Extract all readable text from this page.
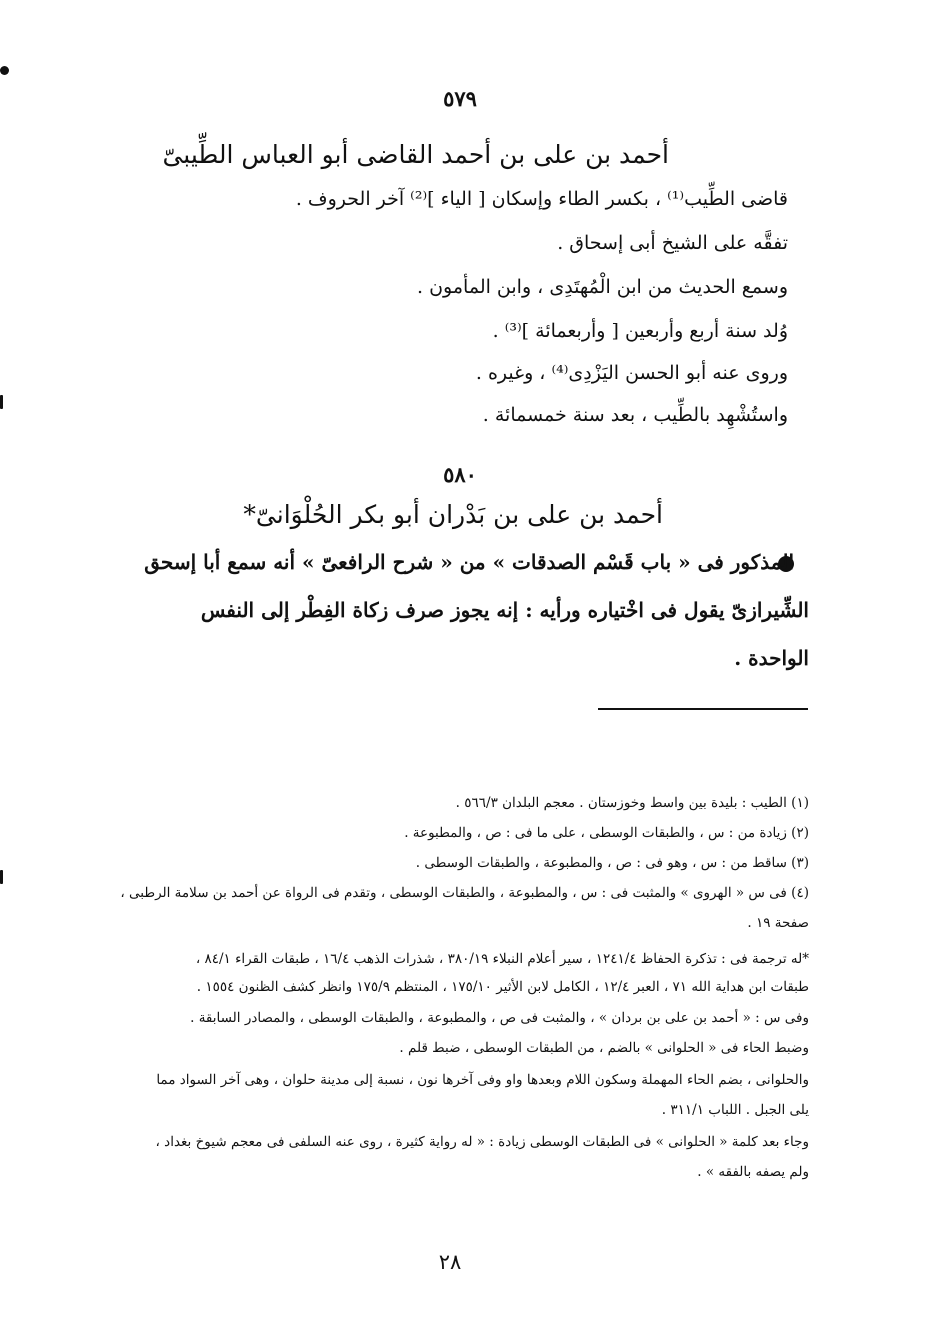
٥٧٩
أحمد بن على بن أحمد القاضى أبو العباس الطِّيبىّ
قاضى الطِّيب⁽¹⁾ ، بكسر الطاء وإسكان [ الياء ]⁽²⁾ آخر الحروف .
تفقَّه على الشيخ أبى إسحاق .
وسمع الحديث من ابن الْمُهتَدِى ، وابن المأمون .
وُلد سنة أربع وأربعين [ وأربعمائة ]⁽³⁾ .
وروى عنه أبو الحسن اليَزْدِى⁽⁴⁾ ، وغيره .
واستُشْهِد بالطِّيب ، بعد سنة خمسمائة .
٥٨٠
أحمد بن على بن بَدْران أبو بكر الحُلْوَانىّ*
المذكور فى « باب قَسْم الصدقات » من « شرح الرافعىّ » أنه سمع أبا إسحق
الشِّيرازىّ يقول فى اخْتياره ورأيه : إنه يجوز صرف زكاة الفِطْر إلى النفس
الواحدة .
(١) الطيب : بليدة بين واسط وخوزستان . معجم البلدان ٥٦٦/٣ .
(٢) زيادة من : س ، والطبقات الوسطى ، على ما فى : ص ، والمطبوعة .
(٣) ساقط من : س ، وهو فى : ص ، والمطبوعة ، والطبقات الوسطى .
(٤) فى س « الهروى » والمثبت فى : س ، والمطبوعة ، والطبقات الوسطى ، وتقدم فى الرواة عن أحمد بن سلامة الرطبى ،
صفحة ١٩ .
*له ترجمة فى : تذكرة الحفاظ ١٢٤١/٤ ، سير أعلام النبلاء ٣٨٠/١٩ ، شذرات الذهب ١٦/٤ ، طبقات القراء ٨٤/١ ،
طبقات ابن هداية الله ٧١ ، العبر ١٢/٤ ، الكامل لابن الأثير ١٧٥/١٠ ، المنتظم ١٧٥/٩ وانظر كشف الظنون ١٥٥٤ .
وفى س : « أحمد بن على بن بردان » ، والمثبت فى ص ، والمطبوعة ، والطبقات الوسطى ، والمصادر السابقة .
وضبط الحاء فى « الحلوانى » بالضم ، من الطبقات الوسطى ، ضبط قلم .
والحلوانى ، بضم الحاء المهملة وسكون اللام وبعدها واو وفى آخرها نون ، نسبة إلى مدينة حلوان ، وهى آخر السواد مما
يلى الجبل . اللباب ٣١١/١ .
وجاء بعد كلمة « الحلوانى » فى الطبقات الوسطى زيادة : « له رواية كثيرة ، روى عنه السلفى فى معجم شيوخ بغداد ،
ولم يصفه بالفقه » .
٢٨
